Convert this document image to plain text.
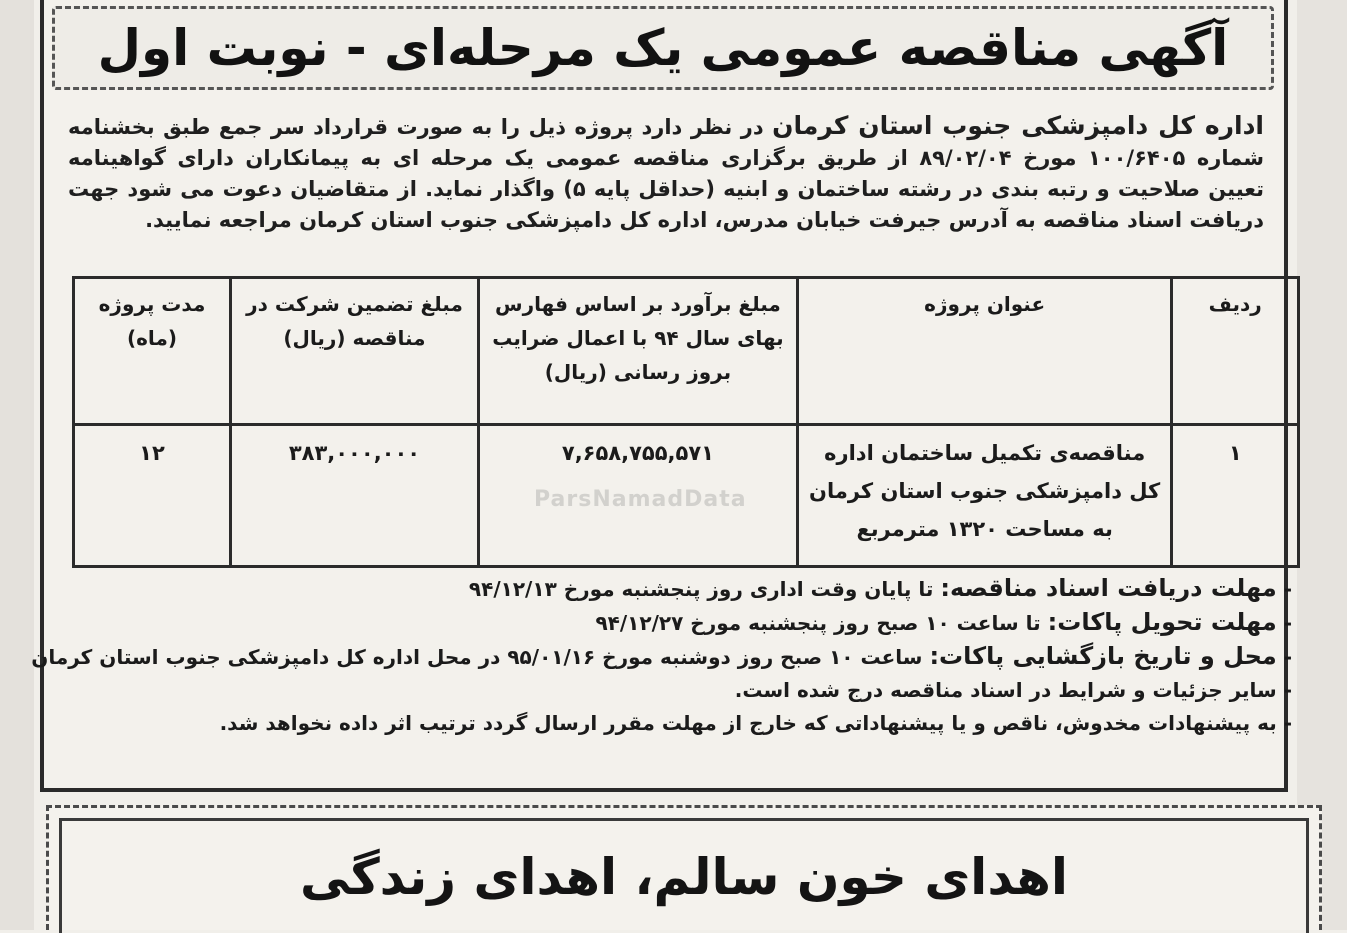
آگهی مناقصه عمومی یک مرحله‌ای - نوبت اول
اداره کل دامپزشکی جنوب استان کرمان در نظر دارد پروژه ذیل را به صورت قرارداد سر جمع طبق بخشنامه شماره ۱۰۰/۶۴۰۵ مورخ ۸۹/۰۲/۰۴ از طریق برگزاری مناقصه عمومی یک مرحله ای به پیمانکاران دارای گواهینامه تعیین صلاحیت و رتبه بندی در رشته ساختمان و ابنیه (حداقل پایه ۵) واگذار نماید. از متقاضیان دعوت می شود جهت دریافت اسناد مناقصه به آدرس جیرفت خیابان مدرس، اداره کل دامپزشکی جنوب استان کرمان مراجعه نمایید.
ردیف	عنوان پروژه	مبلغ برآورد بر اساس فهارس بهای سال ۹۴ با اعمال ضرایب بروز رسانی (ریال)	مبلغ تضمین شرکت در مناقصه (ریال)	مدت پروژه (ماه)
۱	مناقصه‌ی تکمیل ساختمان اداره کل دامپزشکی جنوب استان کرمان به مساحت ۱۳۲۰ مترمربع	۷,۶۵۸,۷۵۵,۵۷۱	۳۸۳,۰۰۰,۰۰۰	۱۲
ParsNamadData
- مهلت دریافت اسناد مناقصه: تا پایان وقت اداری روز پنجشنبه مورخ ۹۴/۱۲/۱۳
- مهلت تحویل پاکات: تا ساعت ۱۰ صبح روز پنجشنبه مورخ ۹۴/۱۲/۲۷
- محل و تاریخ بازگشایی پاکات: ساعت ۱۰ صبح روز دوشنبه مورخ ۹۵/۰۱/۱۶ در محل اداره کل دامپزشکی جنوب استان کرمان
- سایر جزئیات و شرایط در اسناد مناقصه درج شده است.
- به پیشنهادات مخدوش، ناقص و یا پیشنهاداتی که خارج از مهلت مقرر ارسال گردد ترتیب اثر داده نخواهد شد.
اهدای خون سالم، اهدای زندگی
